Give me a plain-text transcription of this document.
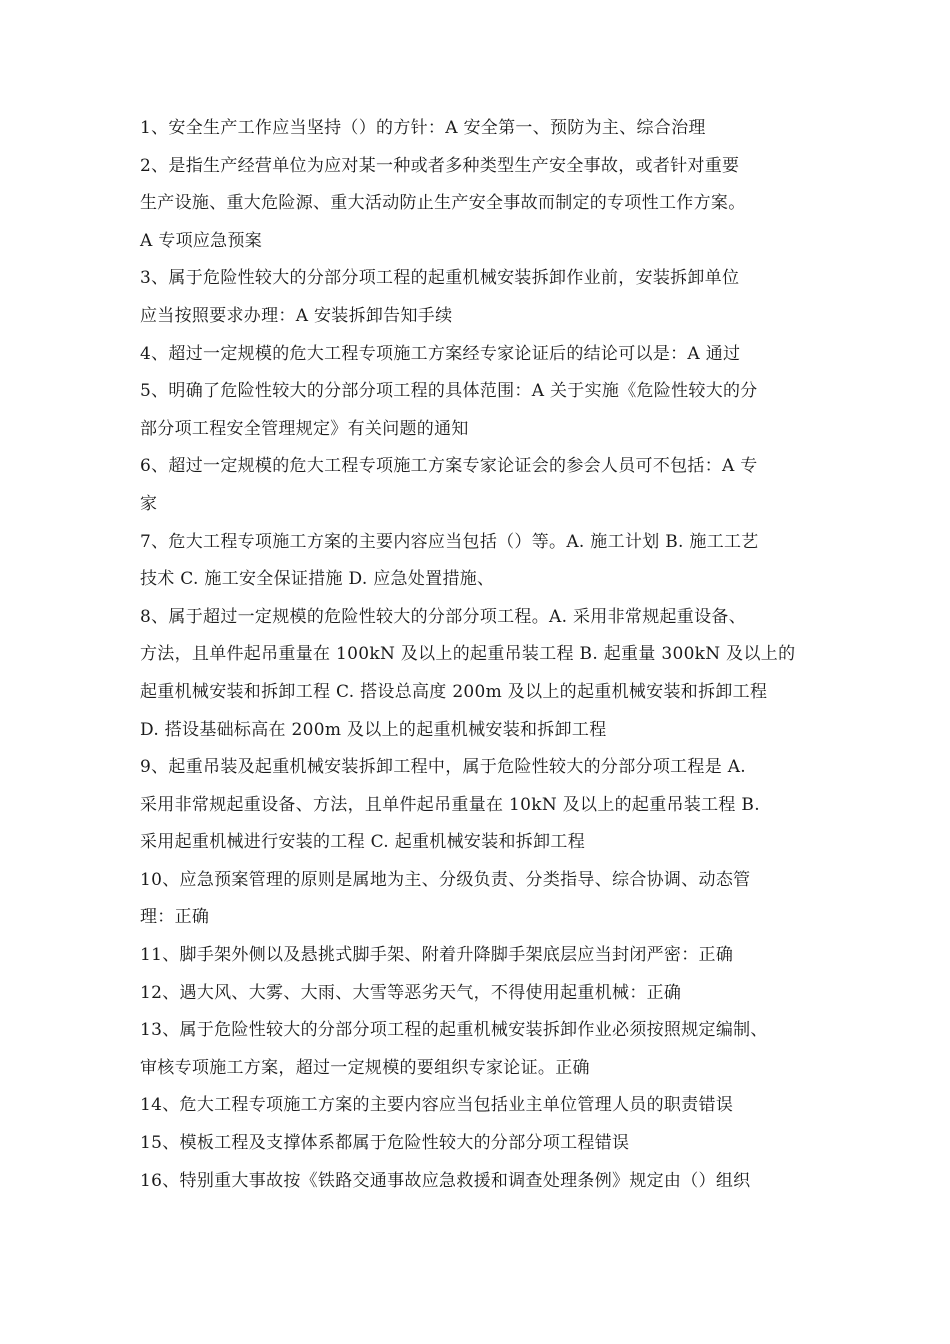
1、安全生产工作应当坚持（）的方针：A 安全第一、预防为主、综合治理
2、是指生产经营单位为应对某一种或者多种类型生产安全事故，或者针对重要
生产设施、重大危险源、重大活动防止生产安全事故而制定的专项性工作方案。
A 专项应急预案
3、属于危险性较大的分部分项工程的起重机械安装拆卸作业前，安装拆卸单位
应当按照要求办理：A 安装拆卸告知手续
4、超过一定规模的危大工程专项施工方案经专家论证后的结论可以是：A 通过
5、明确了危险性较大的分部分项工程的具体范围：A 关于实施《危险性较大的分
部分项工程安全管理规定》有关问题的通知
6、超过一定规模的危大工程专项施工方案专家论证会的参会人员可不包括：A 专
家
7、危大工程专项施工方案的主要内容应当包括（）等。A. 施工计划 B. 施工工艺
技术 C. 施工安全保证措施 D. 应急处置措施、
8、属于超过一定规模的危险性较大的分部分项工程。A. 采用非常规起重设备、
方法，且单件起吊重量在 100kN 及以上的起重吊装工程 B. 起重量 300kN 及以上的
起重机械安装和拆卸工程 C. 搭设总高度 200m 及以上的起重机械安装和拆卸工程
D. 搭设基础标高在 200m 及以上的起重机械安装和拆卸工程
9、起重吊装及起重机械安装拆卸工程中，属于危险性较大的分部分项工程是 A.
采用非常规起重设备、方法，且单件起吊重量在 10kN 及以上的起重吊装工程 B.
采用起重机械进行安装的工程 C. 起重机械安装和拆卸工程
10、应急预案管理的原则是属地为主、分级负责、分类指导、综合协调、动态管
理：正确
11、脚手架外侧以及悬挑式脚手架、附着升降脚手架底层应当封闭严密：正确
12、遇大风、大雾、大雨、大雪等恶劣天气，不得使用起重机械：正确
13、属于危险性较大的分部分项工程的起重机械安装拆卸作业必须按照规定编制、
审核专项施工方案，超过一定规模的要组织专家论证。正确
14、危大工程专项施工方案的主要内容应当包括业主单位管理人员的职责错误
15、模板工程及支撑体系都属于危险性较大的分部分项工程错误
16、特别重大事故按《铁路交通事故应急救援和调查处理条例》规定由（）组织
